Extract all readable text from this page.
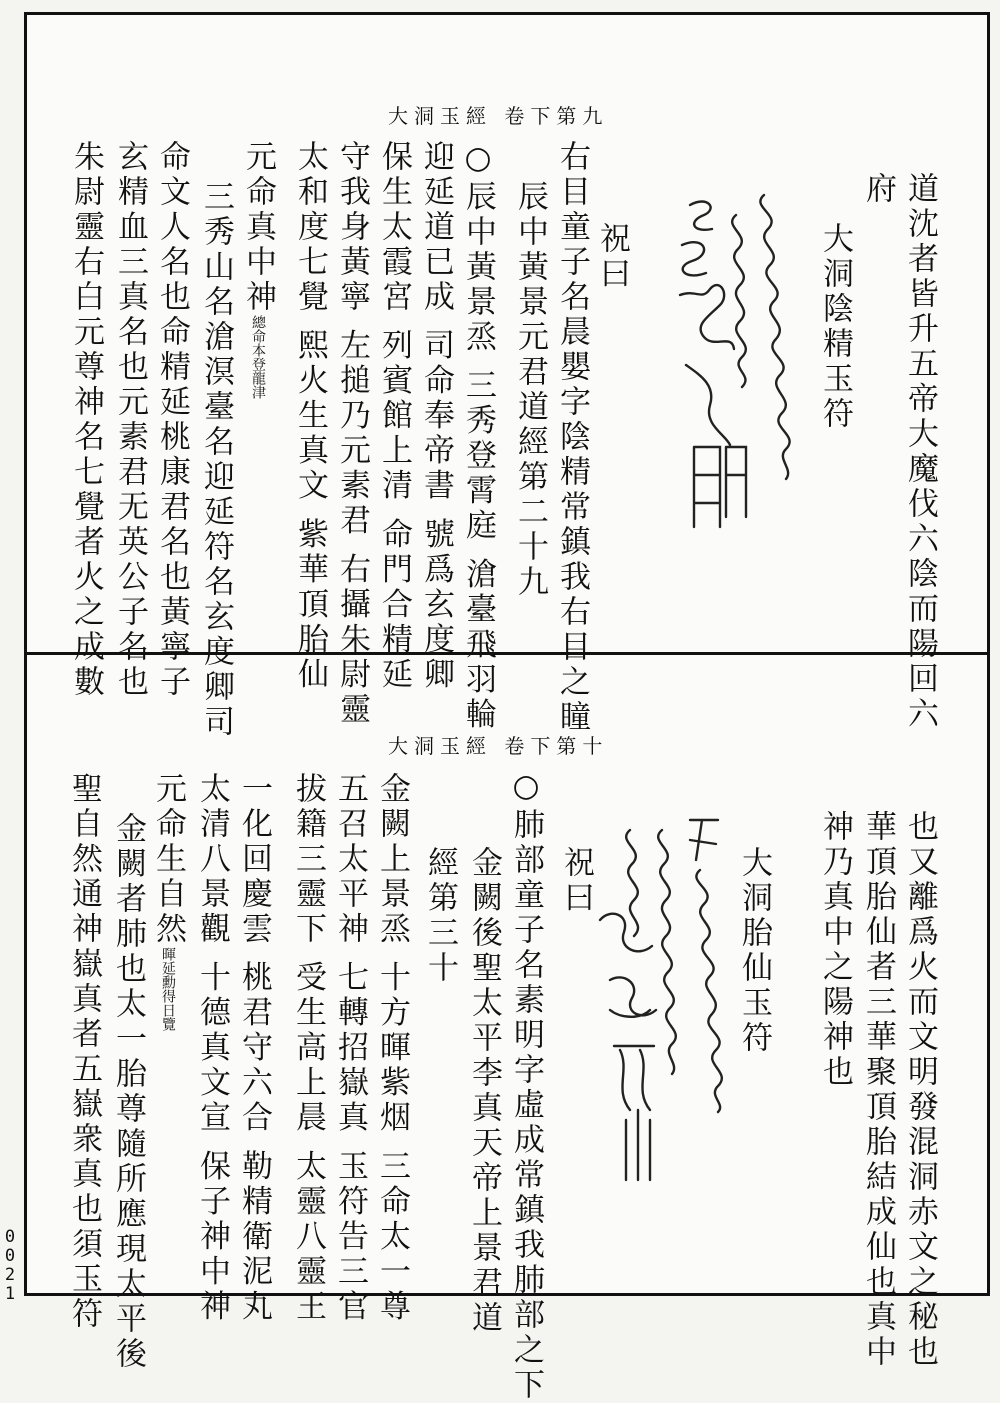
大洞玉經 卷下第九
道沈者皆升五帝大魔伐六陰而陽回六
府
大洞陰精玉符
祝曰
右目童子名晨嬰字陰精常鎮我右目之瞳
辰中黃景元君道經第二十九
○辰中黃景烝 三秀登霄庭 滄臺飛羽輪
迎延道已成 司命奉帝書 號爲玄度卿
保生太霞宮 列賓館上清 命門合精延
守我身黃寧 左搥乃元素君 右攝朱尉靈
太和度七覺 熙火生真文 紫華頂胎仙
元命真中神總命本登龍津
三秀山名滄溟臺名迎延符名玄度卿司
命文人名也命精延桃康君名也黃寧子
玄精血三真名也元素君无英公子名也
朱尉靈右白元尊神名七覺者火之成數
大洞玉經 卷下第十
也又離爲火而文明發混洞赤文之秘也
華頂胎仙者三華聚頂胎結成仙也真中
神乃真中之陽神也
大洞胎仙玉符
祝曰
○肺部童子名素明字虛成常鎮我肺部之下
金闕後聖太平李真天帝上景君道
經第三十
金闕上景烝 十方暉紫烟 三命太一尊
五召太平神 七轉招嶽真 玉符告三官
拔籍三靈下 受生高上晨 太靈八靈王
一化回慶雲 桃君守六合 勒精衛泥丸
太清八景觀 十德真文宣 保子神中神
元命生自然暉延勳得日覽
金闕者肺也太一胎尊隨所應現太平後
聖自然通神嶽真者五嶽衆真也須玉符
0021
